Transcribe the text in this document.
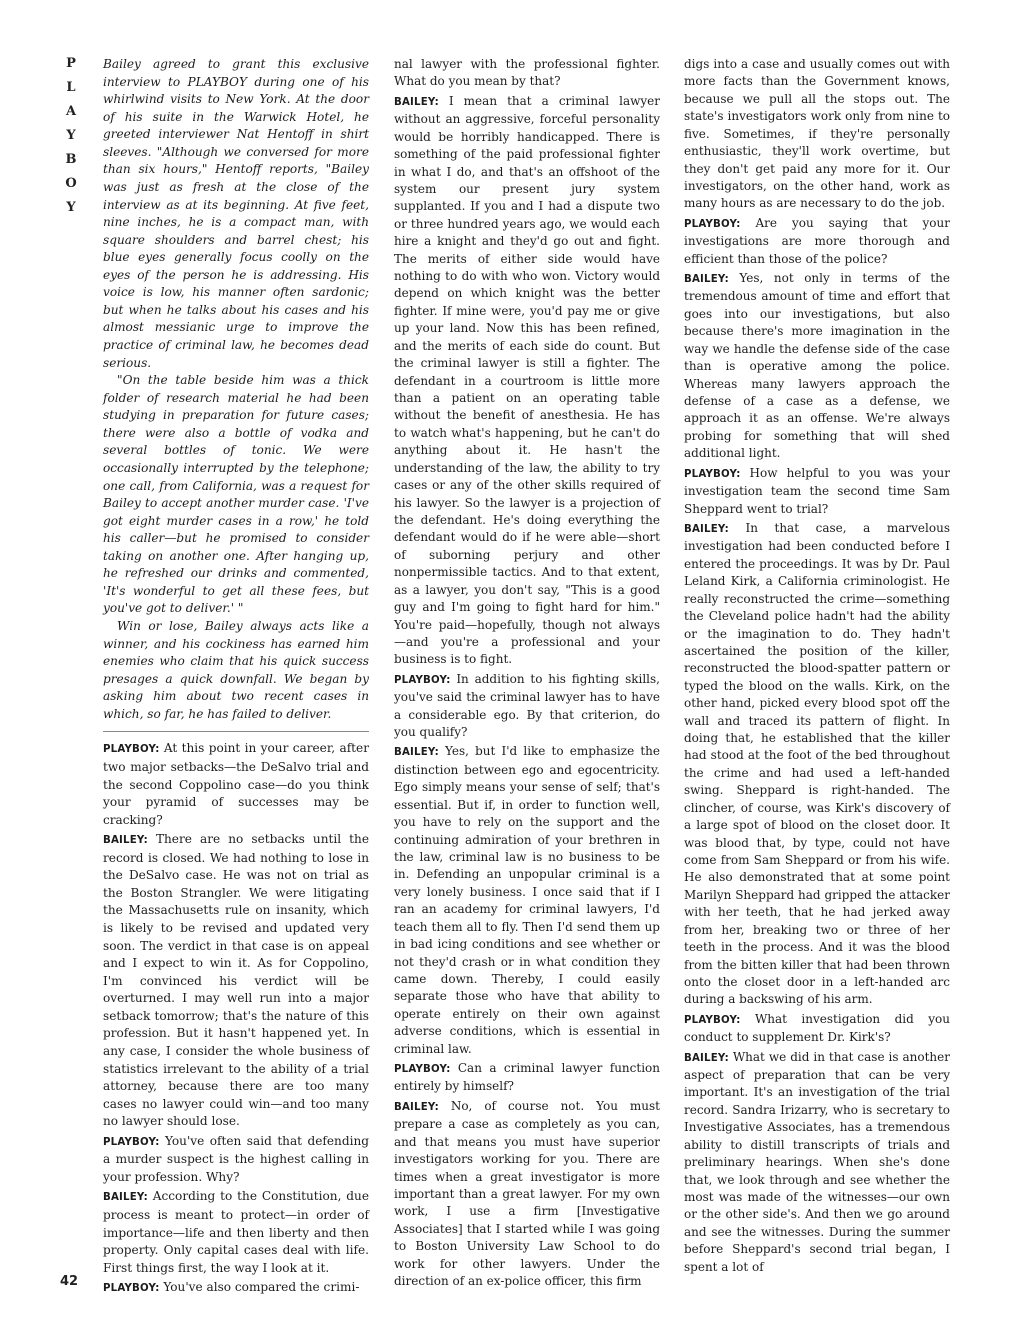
P
L
A
Y
B
O
Y
42

Bailey agreed to grant this exclusive interview to PLAYBOY during one of his whirlwind visits to New York. At the door of his suite in the Warwick Hotel, he greeted interviewer Nat Hentoff in shirt sleeves. "Although we conversed for more than six hours," Hentoff reports, "Bailey was just as fresh at the close of the interview as at its beginning. At five feet, nine inches, he is a compact man, with square shoulders and barrel chest; his blue eyes generally focus coolly on the eyes of the person he is addressing. His voice is low, his manner often sardonic; but when he talks about his cases and his almost messianic urge to improve the practice of criminal law, he becomes dead serious.

"On the table beside him was a thick folder of research material he had been studying in preparation for future cases; there were also a bottle of vodka and several bottles of tonic. We were occasionally interrupted by the telephone; one call, from California, was a request for Bailey to accept another murder case. 'I've got eight murder cases in a row,' he told his caller—but he promised to consider taking on another one. After hanging up, he refreshed our drinks and commented, 'It's wonderful to get all these fees, but you've got to deliver.' "

Win or lose, Bailey always acts like a winner, and his cockiness has earned him enemies who claim that his quick success presages a quick downfall. We began by asking him about two recent cases in which, so far, he has failed to deliver.

PLAYBOY: At this point in your career, after two major setbacks—the DeSalvo trial and the second Coppolino case—do you think your pyramid of successes may be cracking?

BAILEY: There are no setbacks until the record is closed. We had nothing to lose in the DeSalvo case. He was not on trial as the Boston Strangler. We were litigating the Massachusetts rule on insanity, which is likely to be revised and updated very soon. The verdict in that case is on appeal and I expect to win it. As for Coppolino, I'm convinced his verdict will be overturned. I may well run into a major setback tomorrow; that's the nature of this profession. But it hasn't happened yet. In any case, I consider the whole business of statistics irrelevant to the ability of a trial attorney, because there are too many cases no lawyer could win—and too many no lawyer should lose.

PLAYBOY: You've often said that defending a murder suspect is the highest calling in your profession. Why?

BAILEY: According to the Constitution, due process is meant to protect—in order of importance—life and then liberty and then property. Only capital cases deal with life. First things first, the way I look at it.

PLAYBOY: You've also compared the crimi-

nal lawyer with the professional fighter. What do you mean by that?

BAILEY: I mean that a criminal lawyer without an aggressive, forceful personality would be horribly handicapped. There is something of the paid professional fighter in what I do, and that's an offshoot of the system our present jury system supplanted. If you and I had a dispute two or three hundred years ago, we would each hire a knight and they'd go out and fight. The merits of either side would have nothing to do with who won. Victory would depend on which knight was the better fighter. If mine were, you'd pay me or give up your land. Now this has been refined, and the merits of each side do count. But the criminal lawyer is still a fighter. The defendant in a courtroom is little more than a patient on an operating table without the benefit of anesthesia. He has to watch what's happening, but he can't do anything about it. He hasn't the understanding of the law, the ability to try cases or any of the other skills required of his lawyer. So the lawyer is a projection of the defendant. He's doing everything the defendant would do if he were able—short of suborning perjury and other nonpermissible tactics. And to that extent, as a lawyer, you don't say, "This is a good guy and I'm going to fight hard for him." You're paid—hopefully, though not always—and you're a professional and your business is to fight.

PLAYBOY: In addition to his fighting skills, you've said the criminal lawyer has to have a considerable ego. By that criterion, do you qualify?

BAILEY: Yes, but I'd like to emphasize the distinction between ego and egocentricity. Ego simply means your sense of self; that's essential. But if, in order to function well, you have to rely on the support and the continuing admiration of your brethren in the law, criminal law is no business to be in. Defending an unpopular criminal is a very lonely business. I once said that if I ran an academy for criminal lawyers, I'd teach them all to fly. Then I'd send them up in bad icing conditions and see whether or not they'd crash or in what condition they came down. Thereby, I could easily separate those who have that ability to operate entirely on their own against adverse conditions, which is essential in criminal law.

PLAYBOY: Can a criminal lawyer function entirely by himself?

BAILEY: No, of course not. You must prepare a case as completely as you can, and that means you must have superior investigators working for you. There are times when a great investigator is more important than a great lawyer. For my own work, I use a firm [Investigative Associates] that I started while I was going to Boston University Law School to do work for other lawyers. Under the direction of an ex-police officer, this firm

digs into a case and usually comes out with more facts than the Government knows, because we pull all the stops out. The state's investigators work only from nine to five. Sometimes, if they're personally enthusiastic, they'll work overtime, but they don't get paid any more for it. Our investigators, on the other hand, work as many hours as are necessary to do the job.

PLAYBOY: Are you saying that your investigations are more thorough and efficient than those of the police?

BAILEY: Yes, not only in terms of the tremendous amount of time and effort that goes into our investigations, but also because there's more imagination in the way we handle the defense side of the case than is operative among the police. Whereas many lawyers approach the defense of a case as a defense, we approach it as an offense. We're always probing for something that will shed additional light.

PLAYBOY: How helpful to you was your investigation team the second time Sam Sheppard went to trial?

BAILEY: In that case, a marvelous investigation had been conducted before I entered the proceedings. It was by Dr. Paul Leland Kirk, a California criminologist. He really reconstructed the crime—something the Cleveland police hadn't had the ability or the imagination to do. They hadn't ascertained the position of the killer, reconstructed the blood-spatter pattern or typed the blood on the walls. Kirk, on the other hand, picked every blood spot off the wall and traced its pattern of flight. In doing that, he established that the killer had stood at the foot of the bed throughout the crime and had used a left-handed swing. Sheppard is right-handed. The clincher, of course, was Kirk's discovery of a large spot of blood on the closet door. It was blood that, by type, could not have come from Sam Sheppard or from his wife. He also demonstrated that at some point Marilyn Sheppard had gripped the attacker with her teeth, that he had jerked away from her, breaking two or three of her teeth in the process. And it was the blood from the bitten killer that had been thrown onto the closet door in a left-handed arc during a backswing of his arm.

PLAYBOY: What investigation did you conduct to supplement Dr. Kirk's?

BAILEY: What we did in that case is another aspect of preparation that can be very important. It's an investigation of the trial record. Sandra Irizarry, who is secretary to Investigative Associates, has a tremendous ability to distill transcripts of trials and preliminary hearings. When she's done that, we look through and see whether the most was made of the witnesses—our own or the other side's. And then we go around and see the witnesses. During the summer before Sheppard's second trial began, I spent a lot of
